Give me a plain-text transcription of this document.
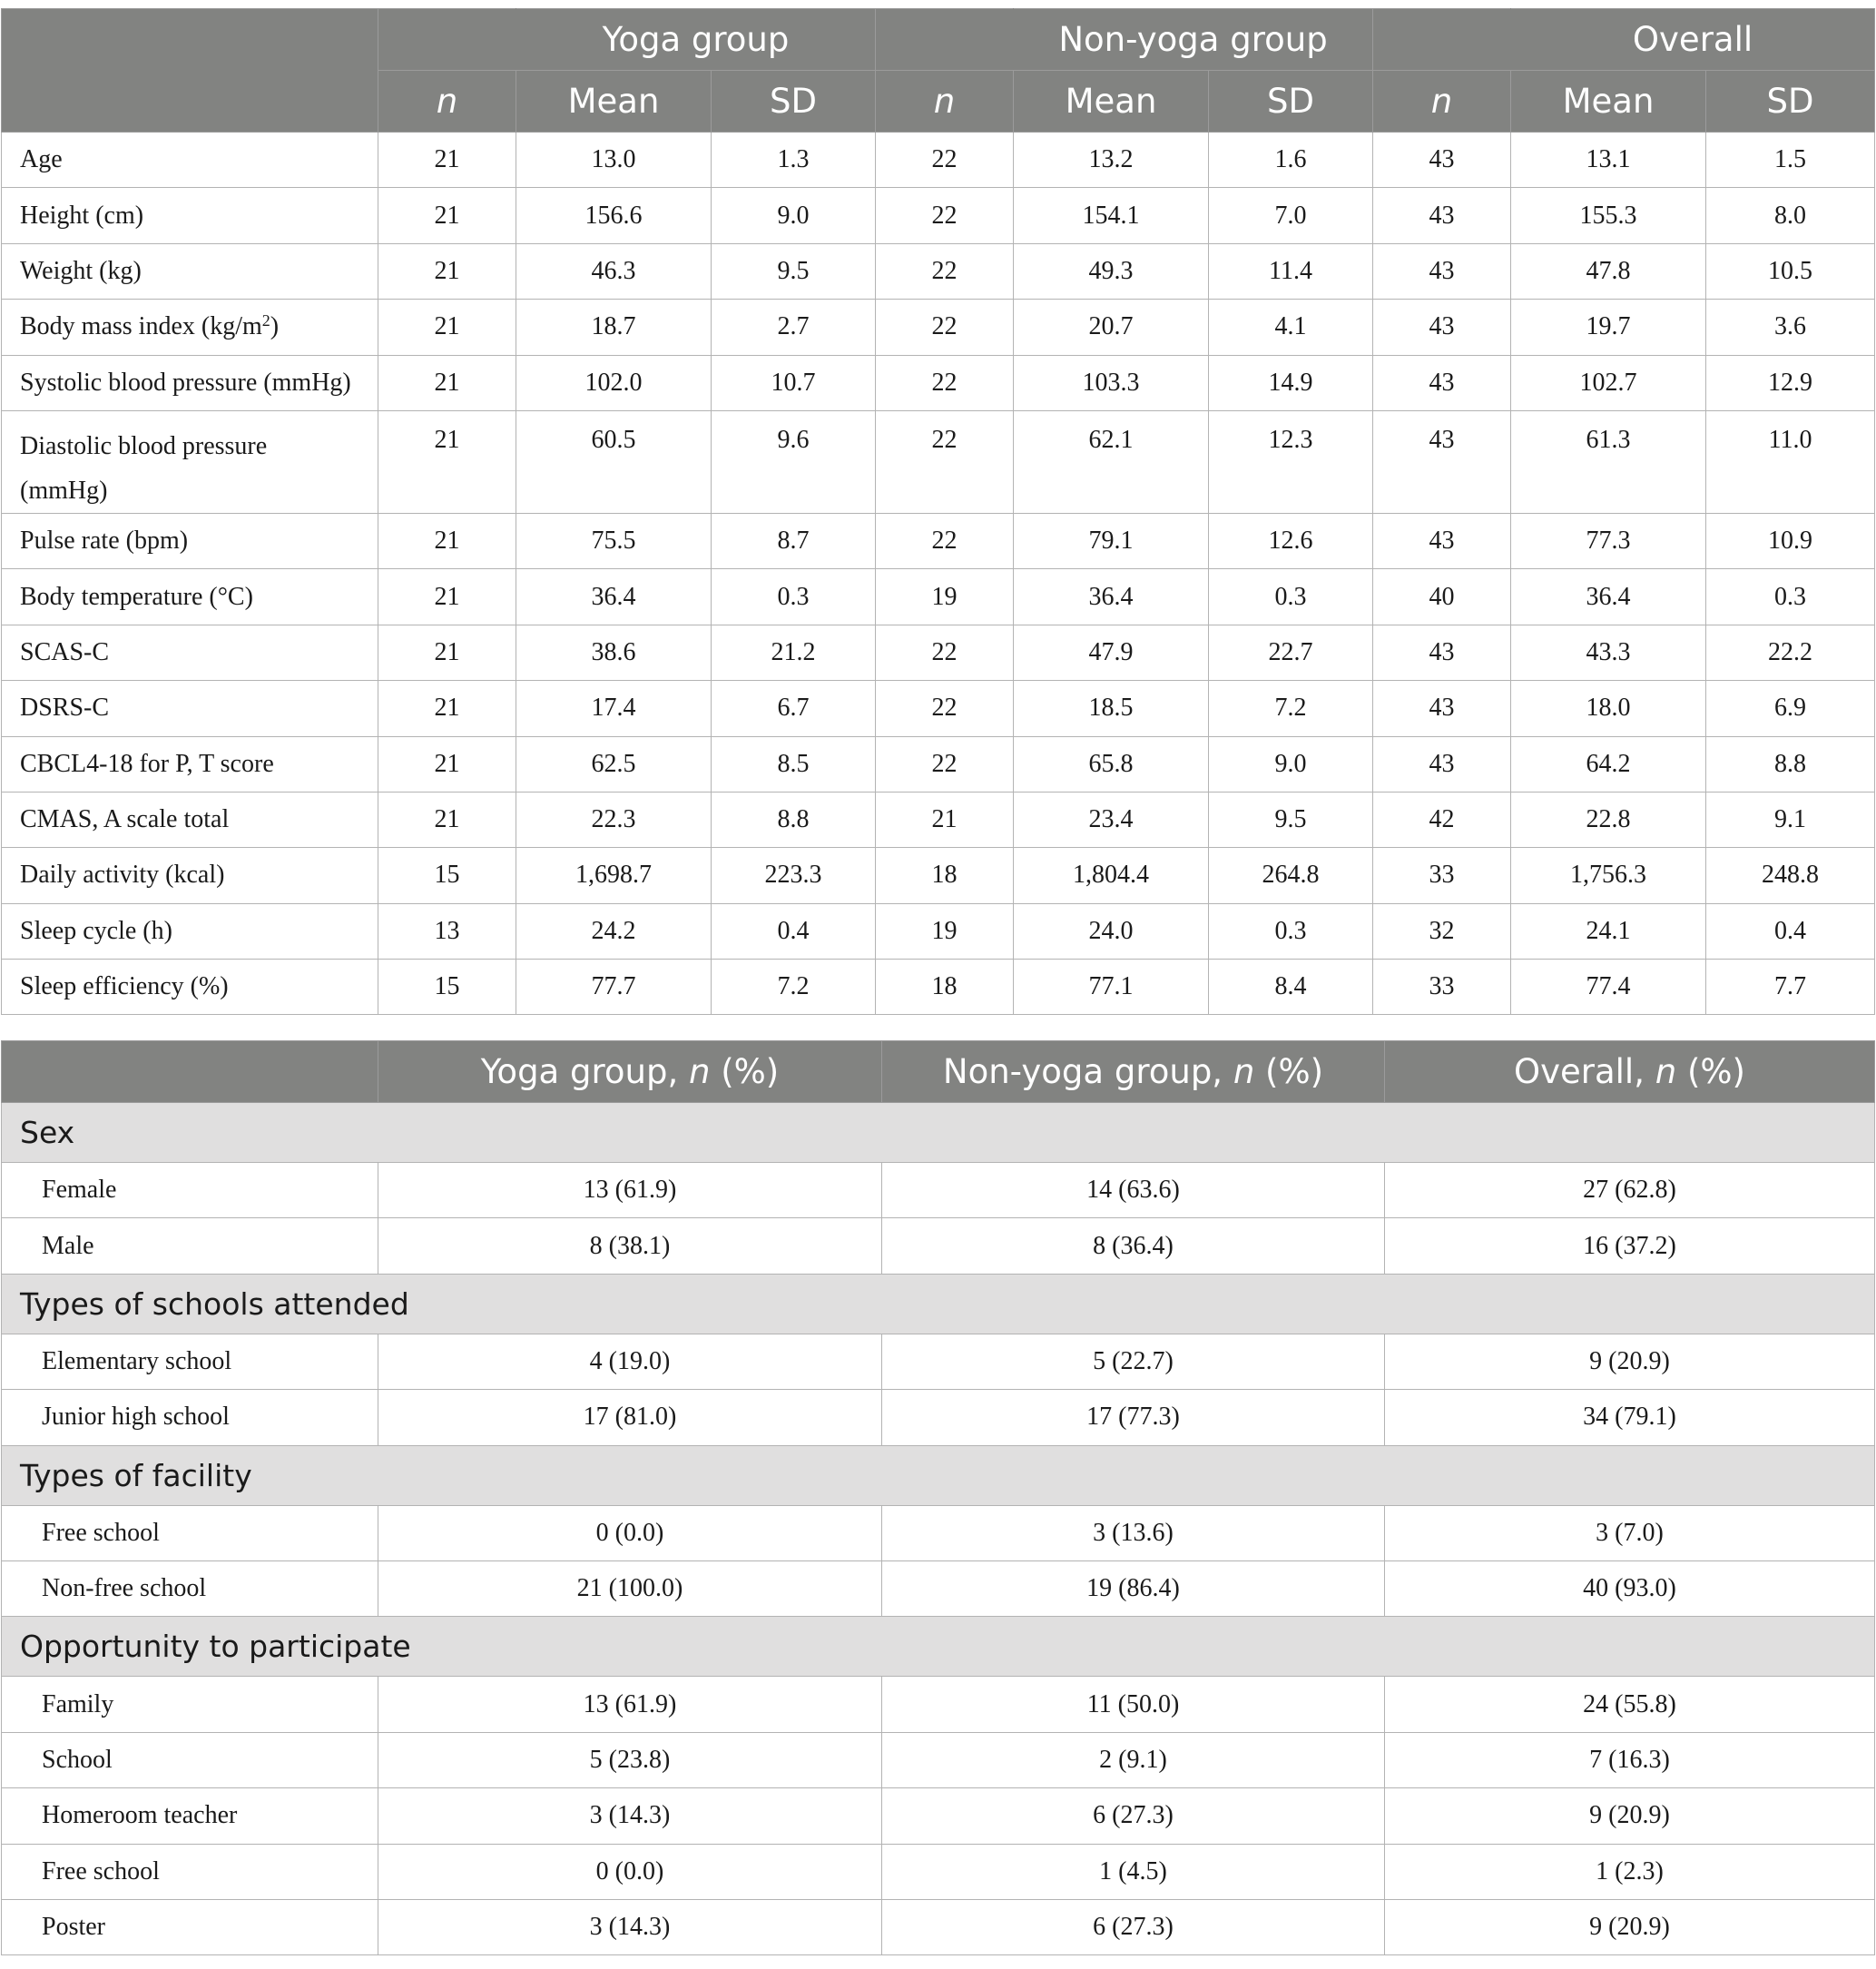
		Yoga group			Non-yoga group			Overall	
	n	Mean	SD	n	Mean	SD	n	Mean	SD
Age	21	13.0	1.3	22	13.2	1.6	43	13.1	1.5
Height (cm)	21	156.6	9.0	22	154.1	7.0	43	155.3	8.0
Weight (kg)	21	46.3	9.5	22	49.3	11.4	43	47.8	10.5
Body mass index $(kg/m^2)$	21	18.7	2.7	22	20.7	4.1	43	19.7	3.6
Systolic blood pressure (mmHg)	21	102.0	10.7	22	103.3	14.9	43	102.7	12.9
Diastolic blood pressure (mmHg)	21	60.5	9.6	22	62.1	12.3	43	61.3	11.0
Pulse rate (bpm)	21	75.5	8.7	22	79.1	12.6	43	77.3	10.9
Body temperature (°C)	21	36.4	0.3	19	36.4	0.3	40	36.4	0.3
SCAS-C	21	38.6	21.2	22	47.9	22.7	43	43.3	22.2
DSRS-C	21	17.4	6.7	22	18.5	7.2	43	18.0	6.9
CBCL4-18 for P, T score	21	62.5	8.5	22	65.8	9.0	43	64.2	8.8
CMAS, A scale total	21	22.3	8.8	21	23.4	9.5	42	22.8	9.1
Daily activity (kcal)	15	1,698.7	223.3	18	1,804.4	264.8	33	1,756.3	248.8
Sleep cycle (h)	13	24.2	0.4	19	24.0	0.3	32	24.1	0.4
Sleep efficiency (%)	15	77.7	7.2	18	77.1	8.4	33	77.4	7.7
	Yoga group, n (%)	Non-yoga group, n (%)	Overall, n (%)
Sex			
Female	13 (61.9)	14 (63.6)	27 (62.8)
Male	8 (38.1)	8 (36.4)	16 (37.2)
Types of schools attended			
Elementary school	4 (19.0)	5 (22.7)	9 (20.9)
Junior high school	17 (81.0)	17 (77.3)	34 (79.1)
Types of facility			
Free school	0 (0.0)	3 (13.6)	3 (7.0)
Non-free school	21 (100.0)	19 (86.4)	40 (93.0)
Opportunity to participate			
Family	13 (61.9)	11 (50.0)	24 (55.8)
School	5 (23.8)	2 (9.1)	7 (16.3)
Homeroom teacher	3 (14.3)	6 (27.3)	9 (20.9)
Free school	0 (0.0)	1 (4.5)	1 (2.3)
Poster	3 (14.3)	6 (27.3)	9 (20.9)
